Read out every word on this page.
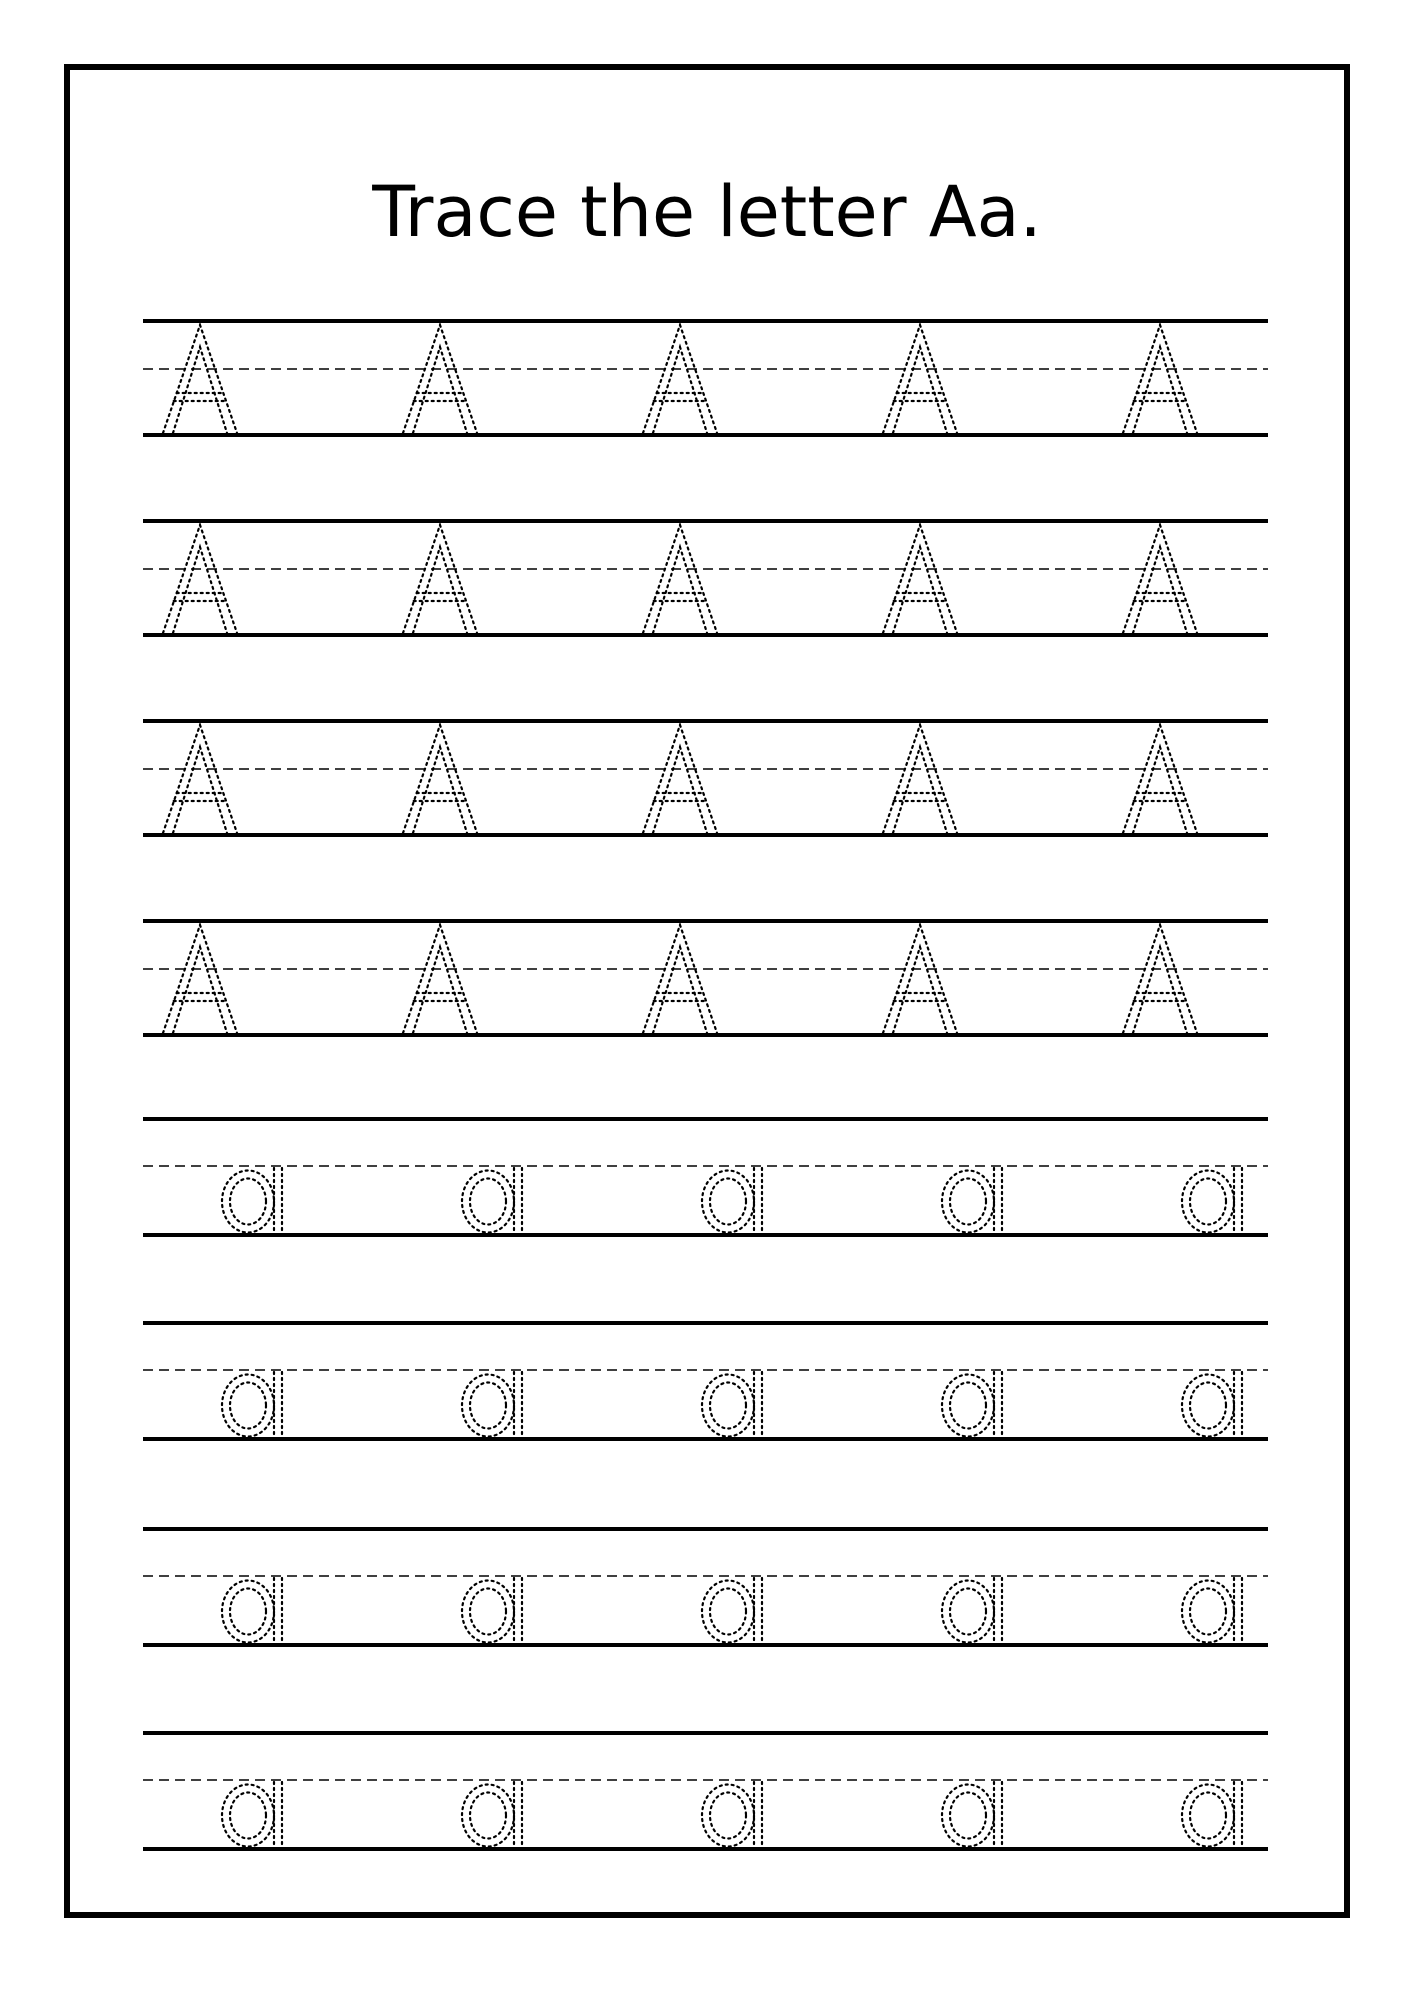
Trace the letter Aa.
